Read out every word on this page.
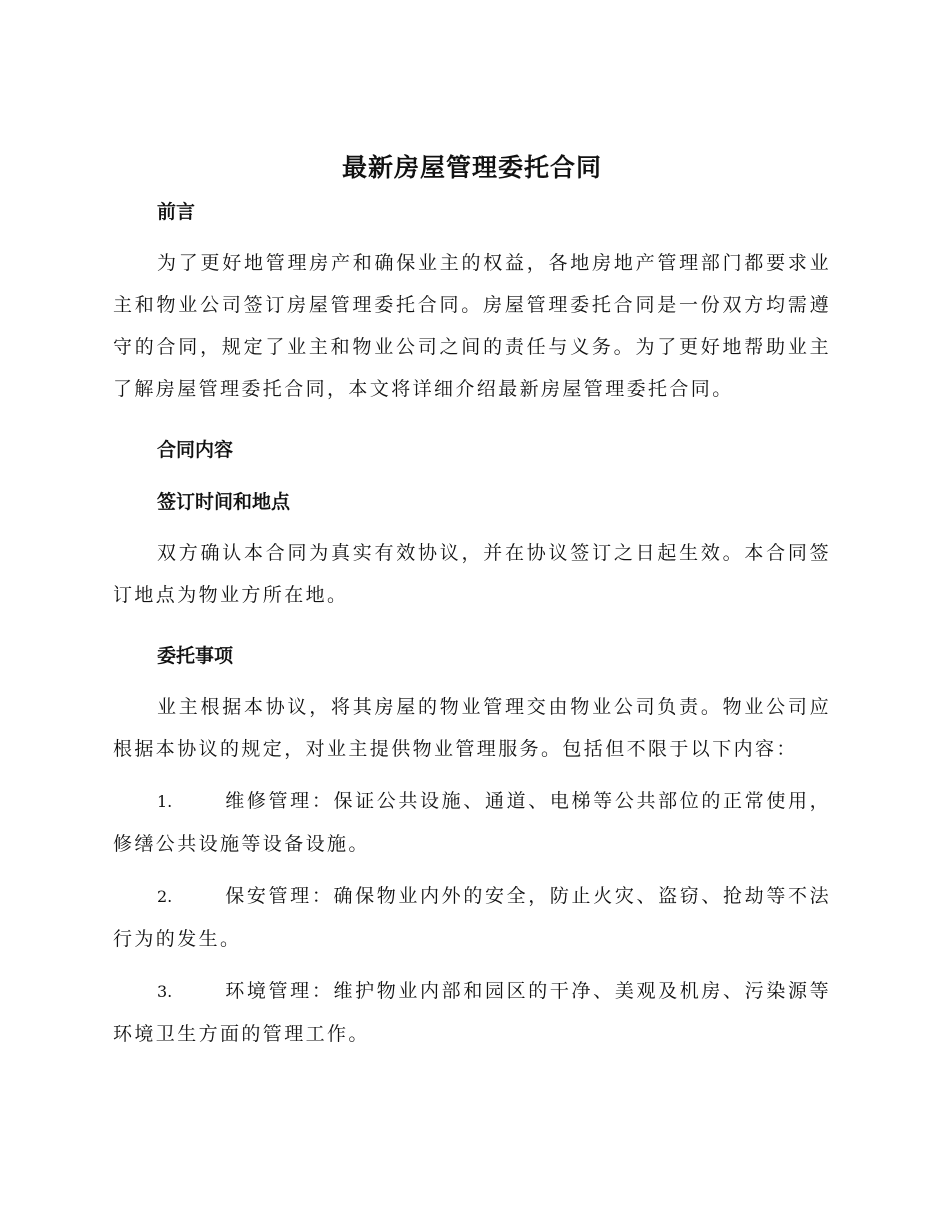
最新房屋管理委托合同

前言

为了更好地管理房产和确保业主的权益，各地房地产管理部门都要求业主和物业公司签订房屋管理委托合同。房屋管理委托合同是一份双方均需遵守的合同，规定了业主和物业公司之间的责任与义务。为了更好地帮助业主了解房屋管理委托合同，本文将详细介绍最新房屋管理委托合同。

合同内容

签订时间和地点

双方确认本合同为真实有效协议，并在协议签订之日起生效。本合同签订地点为物业方所在地。

委托事项

业主根据本协议，将其房屋的物业管理交由物业公司负责。物业公司应根据本协议的规定，对业主提供物业管理服务。包括但不限于以下内容：

1.	维修管理：保证公共设施、通道、电梯等公共部位的正常使用，修缮公共设施等设备设施。

2.	保安管理：确保物业内外的安全，防止火灾、盗窃、抢劫等不法行为的发生。

3.	环境管理：维护物业内部和园区的干净、美观及机房、污染源等环境卫生方面的管理工作。
